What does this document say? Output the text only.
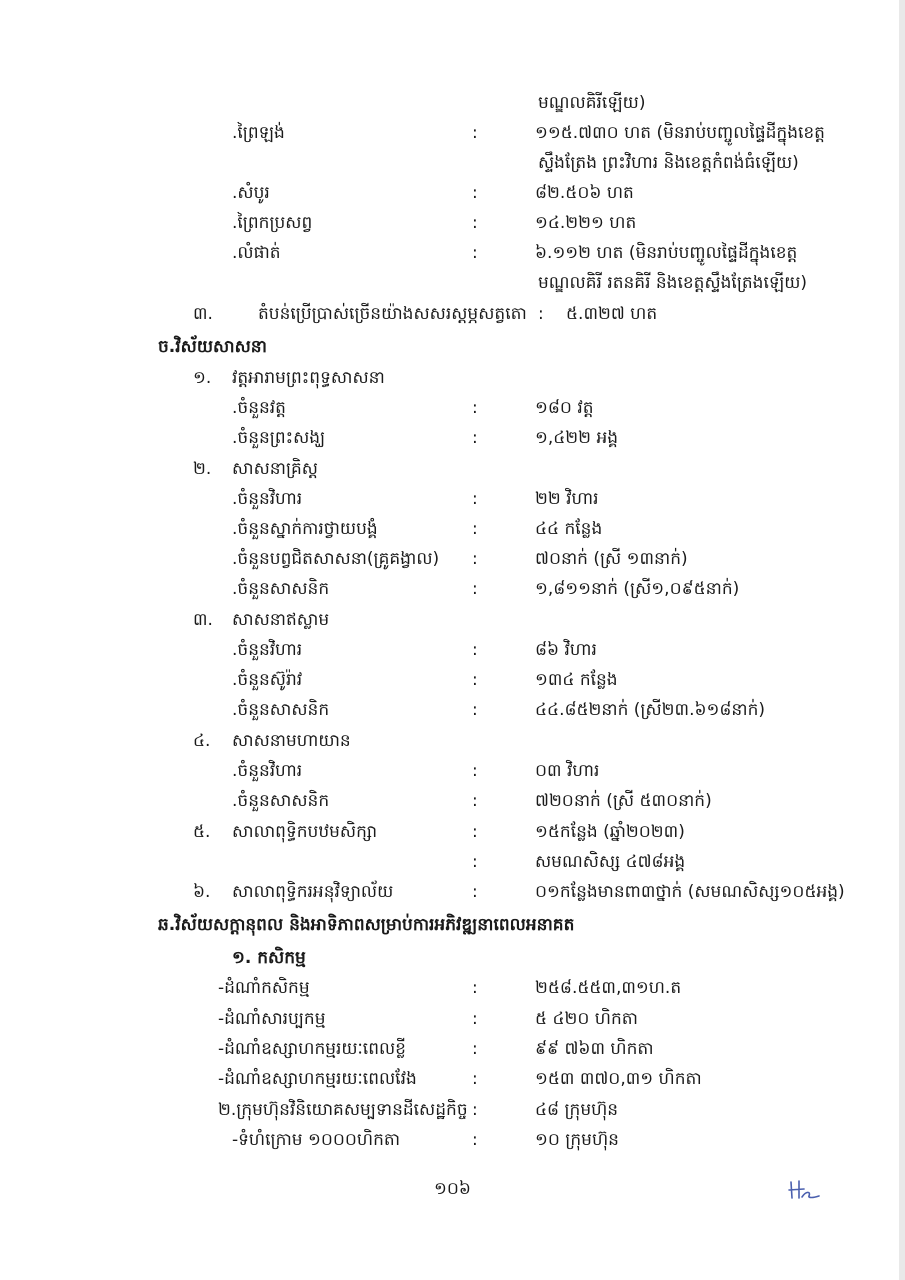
មណ្ឌលគិរីឡើយ)
.ព្រៃឡង់	:	១១៥.៧៣០ ហត (មិនរាប់បញ្ចូលផ្ទៃដីក្នុងខេត្ត
ស្ទឹងត្រែង ព្រះវិហារ និងខេត្តកំពង់ធំឡើយ)
.សំបូរ	:	៨២.៥០៦ ហត
.ព្រៃកប្រសព្វ	:	១៤.២២១ ហត
.លំផាត់	:	៦.១១២ ហត (មិនរាប់បញ្ចូលផ្ទៃដីក្នុងខេត្ត
មណ្ឌលគិរី រតនគិរី និងខេត្តស្ទឹងត្រែងឡើយ)
៣.	តំបន់ប្រើប្រាស់ច្រើនយ៉ាងសសរស្ដម្ភសត្វតោ : ៥.៣២៧ ហត
ច.វិស័យសាសនា
១. វត្តអារាមព្រះពុទ្ធសាសនា
.ចំនួនវត្ត	:	១៨០ វត្ត
.ចំនួនព្រះសង្ឃ	:	១,៤២២ អង្គ
២. សាសនាគ្រិស្ត
.ចំនួនវិហារ	:	២២ វិហារ
.ចំនួនស្នាក់ការថ្វាយបង្គំ	:	៤៤ កន្លែង
.ចំនួនបព្វជិតសាសនា(គ្រូគង្វាល) :	៧០នាក់ (ស្រី ១៣នាក់)
.ចំនួនសាសនិក	:	១,៨១១នាក់ (ស្រី១,០៩៥នាក់)
៣. សាសនាឥស្លាម
.ចំនួនវិហារ	:	៨៦ វិហារ
.ចំនួនស៊ូរ៉ាវ	:	១៣៤ កន្លែង
.ចំនួនសាសនិក	:	៤៤.៨៥២នាក់ (ស្រី២៣.៦១៨នាក់)
៤. សាសនាមហាយាន
.ចំនួនវិហារ	:	០៣ វិហារ
.ចំនួនសាសនិក	:	៧២០នាក់ (ស្រី ៥៣០នាក់)
៥. សាលាពុទ្ធិកបឋមសិក្សា	:	១៥កន្លែង (ឆ្នាំ២០២៣)
:	សមណសិស្ស ៤៧៨អង្គ
៦. សាលាពុទ្ធិករអនុវិទ្យាល័យ	:	០១កន្លែងមានពា៣ថ្នាក់ (សមណសិស្ស១០៥អង្គ)
ឆ.វិស័យសក្ដានុពល និងអាទិភាពសម្រាប់ការអភិវឌ្ឍនាពេលអនាគត
១. កសិកម្ម
-ដំណាំកសិកម្ម	:	២៥៨.៥៥៣,៣១ហ.ត
-ដំណាំសារប្បកម្ម	:	៥ ៤២០ ហិកតា
-ដំណាំឧស្សាហកម្មរយៈពេលខ្លី	:	៩៩ ៧៦៣ ហិកតា
-ដំណាំឧស្សាហកម្មរយៈពេលវែង	:	១៥៣ ៣៧០,៣១ ហិកតា
២.ក្រុមហ៊ុនវិនិយោគសម្បទានដីសេដ្ឋកិច្ច :	៤៨ ក្រុមហ៊ុន
-ទំហំក្រោម ១០០០ហិកតា	:	១០ ក្រុមហ៊ុន
១០៦
